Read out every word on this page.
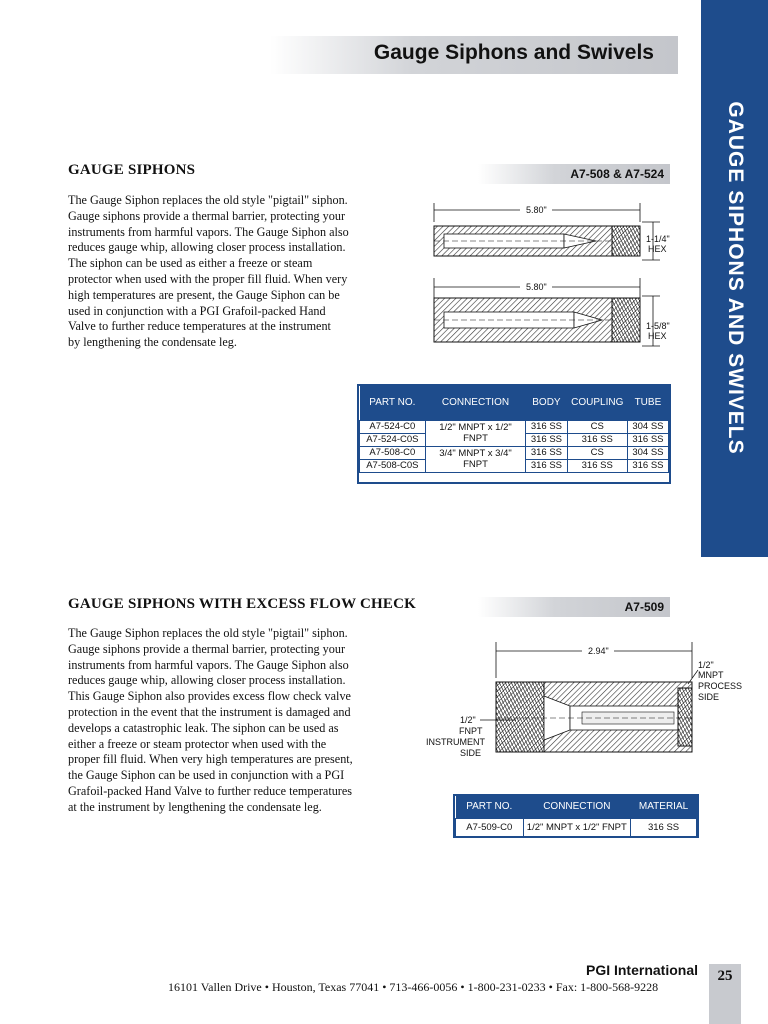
GAUGE SIPHONS AND SWIVELS
Gauge Siphons and Swivels
GAUGE SIPHONS	A7-508 & A7-524
The Gauge Siphon replaces the old style "pigtail" siphon.
Gauge siphons provide a thermal barrier, protecting your
instruments from harmful vapors. The Gauge Siphon also
reduces gauge whip, allowing closer process installation.
The siphon can be used as either a freeze or steam
protector when used with the proper fill fluid. When very
high temperatures are present, the Gauge Siphon can be
used in conjunction with a PGI Grafoil-packed Hand
Valve to further reduce temperatures at the instrument
by lengthening the condensate leg.
5.80"
1-1/4"
HEX
5.80"
1-5/8"
HEX
PART NO.	CONNECTION	BODY	COUPLING	TUBE
A7-524-C0	1/2" MNPT x 1/2" FNPT	316 SS	CS	304 SS
A7-524-C0S		316 SS	316 SS	316 SS
A7-508-C0	3/4" MNPT x 3/4" FNPT	316 SS	CS	304 SS
A7-508-C0S		316 SS	316 SS	316 SS
GAUGE SIPHONS WITH EXCESS FLOW CHECK	A7-509
The Gauge Siphon replaces the old style "pigtail" siphon.
Gauge siphons provide a thermal barrier, protecting your
instruments from harmful vapors. The Gauge Siphon also
reduces gauge whip, allowing closer process installation.
This Gauge Siphon also provides excess flow check valve
protection in the event that the instrument is damaged and
develops a catastrophic leak. The siphon can be used as
either a freeze or steam protector when used with the
proper fill fluid. When very high temperatures are present,
the Gauge Siphon can be used in conjunction with a PGI
Grafoil-packed Hand Valve to further reduce temperatures
at the instrument by lengthening the condensate leg.
2.94"
1/2"
MNPT
PROCESS
SIDE
1/2"
FNPT
INSTRUMENT
SIDE
PART NO.	CONNECTION	MATERIAL
A7-509-C0	1/2" MNPT x 1/2" FNPT	316 SS
PGI International
16101 Vallen Drive • Houston, Texas 77041 • 713-466-0056 • 1-800-231-0233 • Fax: 1-800-568-9228
25
